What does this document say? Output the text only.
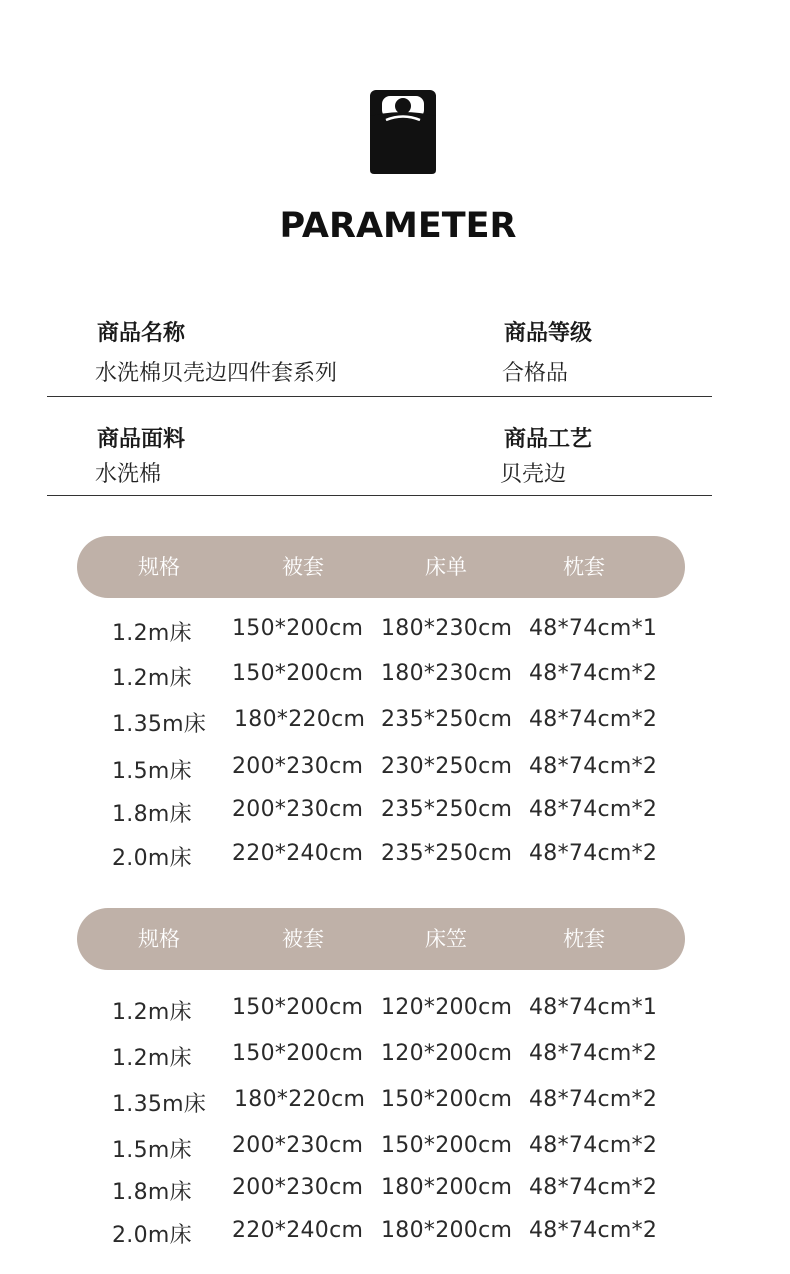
PARAMETER
商品名称
水洗棉贝壳边四件套系列
商品等级
合格品
商品面料
水洗棉
商品工艺
贝壳边
规格	被套	床单	枕套
1.2m床 150*200cm 180*230cm 48*74cm*1
1.2m床 150*200cm 180*230cm 48*74cm*2
1.35m床 180*220cm 235*250cm 48*74cm*2
1.5m床 200*230cm 230*250cm 48*74cm*2
1.8m床 200*230cm 235*250cm 48*74cm*2
2.0m床 220*240cm 235*250cm 48*74cm*2
规格	被套	床笠	枕套
1.2m床 150*200cm 120*200cm 48*74cm*1
1.2m床 150*200cm 120*200cm 48*74cm*2
1.35m床 180*220cm 150*200cm 48*74cm*2
1.5m床 200*230cm 150*200cm 48*74cm*2
1.8m床 200*230cm 180*200cm 48*74cm*2
2.0m床 220*240cm 180*200cm 48*74cm*2
